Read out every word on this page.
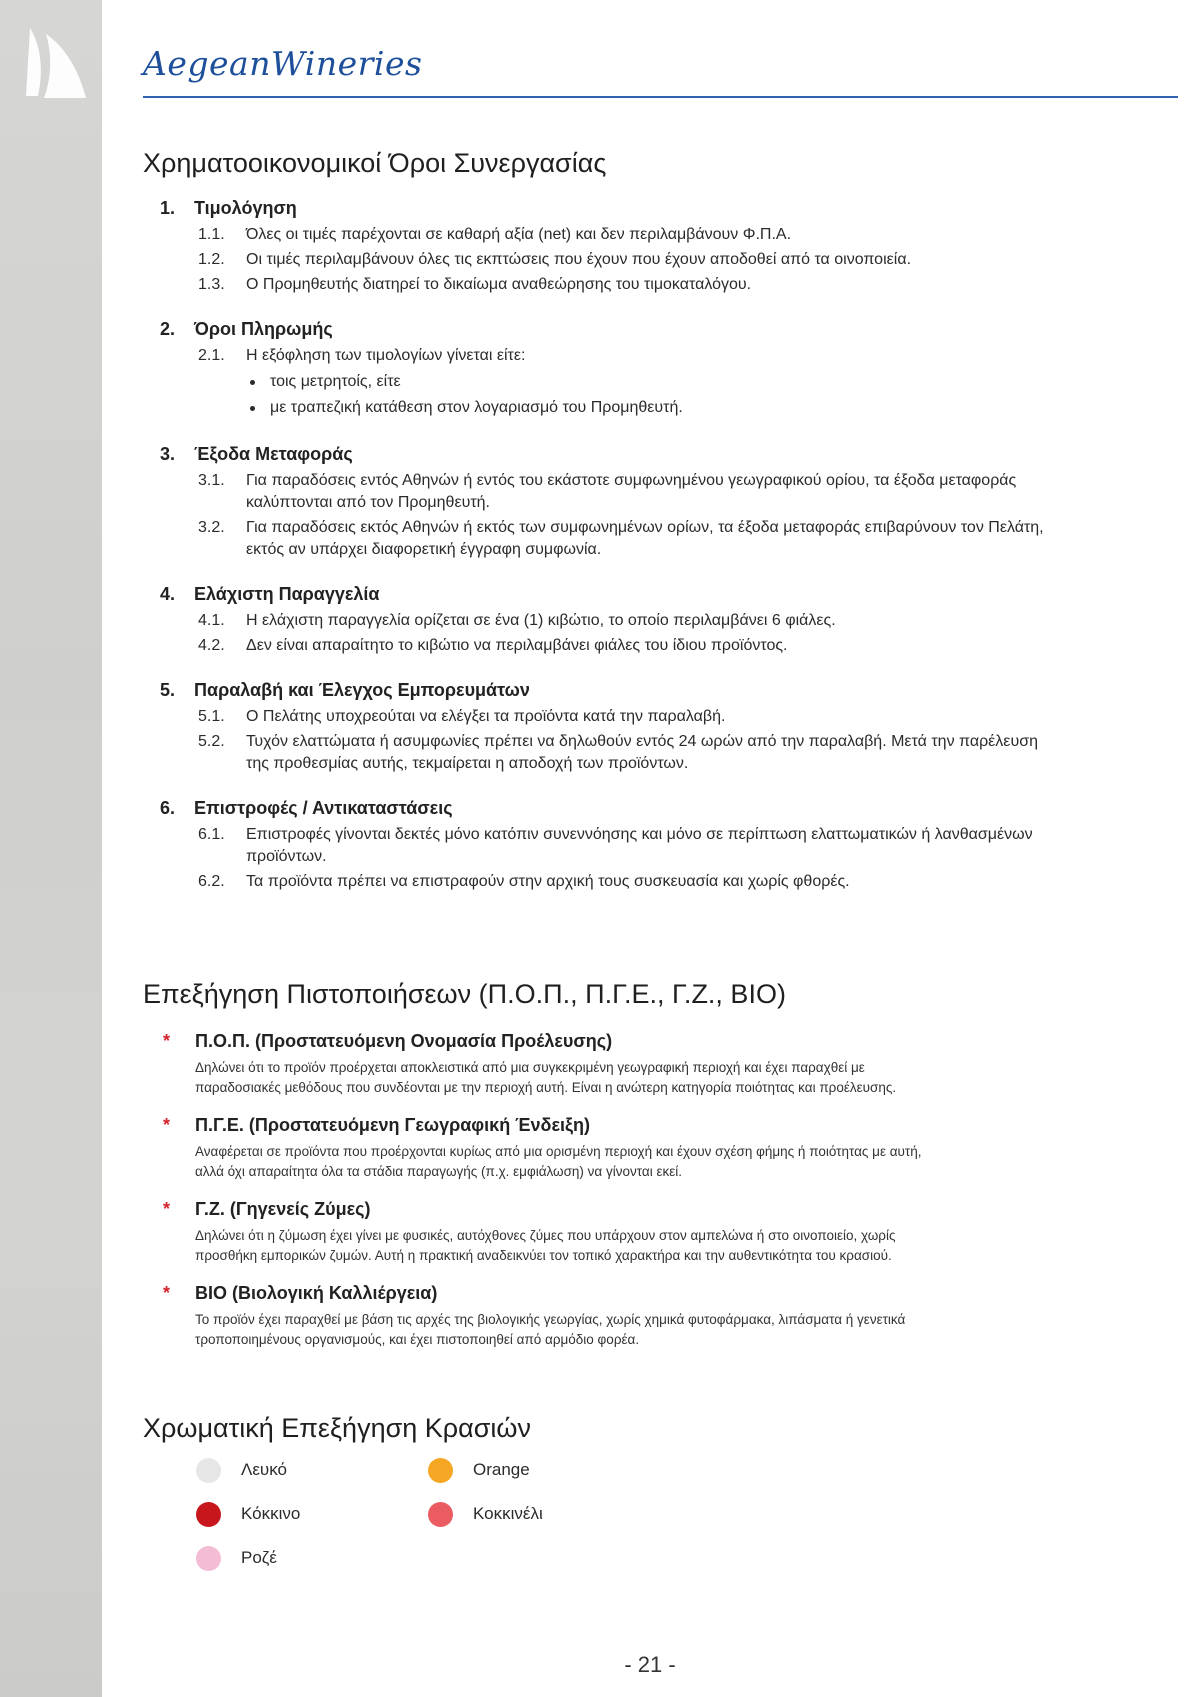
AegeanWineries
Χρηματοοικονομικοί Όροι Συνεργασίας
1.	Τιμολόγηση
1.1.	Όλες οι τιμές παρέχονται σε καθαρή αξία (net) και δεν περιλαμβάνουν Φ.Π.Α.
1.2.	Οι τιμές περιλαμβάνουν όλες τις εκπτώσεις που έχουν που έχουν αποδοθεί από τα οινοποιεία.
1.3.	Ο Προμηθευτής διατηρεί το δικαίωμα αναθεώρησης του τιμοκαταλόγου.
2.	Όροι Πληρωμής
2.1.	Η εξόφληση των τιμολογίων γίνεται είτε:
τοις μετρητοίς, είτε
με τραπεζική κατάθεση στον λογαριασμό του Προμηθευτή.
3.	Έξοδα Μεταφοράς
3.1.	Για παραδόσεις εντός Αθηνών ή εντός του εκάστοτε συμφωνημένου γεωγραφικού ορίου, τα έξοδα μεταφοράς καλύπτονται από τον Προμηθευτή.
3.2.	Για παραδόσεις εκτός Αθηνών ή εκτός των συμφωνημένων ορίων, τα έξοδα μεταφοράς επιβαρύνουν τον Πελάτη, εκτός αν υπάρχει διαφορετική έγγραφη συμφωνία.
4.	Ελάχιστη Παραγγελία
4.1.	Η ελάχιστη παραγγελία ορίζεται σε ένα (1) κιβώτιο, το οποίο περιλαμβάνει 6 φιάλες.
4.2.	Δεν είναι απαραίτητο το κιβώτιο να περιλαμβάνει φιάλες του ίδιου προϊόντος.
5.	Παραλαβή και Έλεγχος Εμπορευμάτων
5.1.	Ο Πελάτης υποχρεούται να ελέγξει τα προϊόντα κατά την παραλαβή.
5.2.	Τυχόν ελαττώματα ή ασυμφωνίες πρέπει να δηλωθούν εντός 24 ωρών από την παραλαβή. Μετά την παρέλευση της προθεσμίας αυτής, τεκμαίρεται η αποδοχή των προϊόντων.
6.	Επιστροφές / Αντικαταστάσεις
6.1.	Επιστροφές γίνονται δεκτές μόνο κατόπιν συνεννόησης και μόνο σε περίπτωση ελαττωματικών ή λανθασμένων προϊόντων.
6.2.	Τα προϊόντα πρέπει να επιστραφούν στην αρχική τους συσκευασία και χωρίς φθορές.
Επεξήγηση Πιστοποιήσεων (Π.Ο.Π., Π.Γ.Ε., Γ.Ζ., ΒΙΟ)
*	Π.Ο.Π. (Προστατευόμενη Ονομασία Προέλευσης)
Δηλώνει ότι το προϊόν προέρχεται αποκλειστικά από μια συγκεκριμένη γεωγραφική περιοχή και έχει παραχθεί με
παραδοσιακές μεθόδους που συνδέονται με την περιοχή αυτή. Είναι η ανώτερη κατηγορία ποιότητας και προέλευσης.
*	Π.Γ.Ε. (Προστατευόμενη Γεωγραφική Ένδειξη)
Αναφέρεται σε προϊόντα που προέρχονται κυρίως από μια ορισμένη περιοχή και έχουν σχέση φήμης ή ποιότητας με αυτή,
αλλά όχι απαραίτητα όλα τα στάδια παραγωγής (π.χ. εμφιάλωση) να γίνονται εκεί.
*	Γ.Ζ. (Γηγενείς Ζύμες)
Δηλώνει ότι η ζύμωση έχει γίνει με φυσικές, αυτόχθονες ζύμες που υπάρχουν στον αμπελώνα ή στο οινοποιείο, χωρίς
προσθήκη εμπορικών ζυμών. Αυτή η πρακτική αναδεικνύει τον τοπικό χαρακτήρα και την αυθεντικότητα του κρασιού.
*	ΒΙΟ (Βιολογική Καλλιέργεια)
Το προϊόν έχει παραχθεί με βάση τις αρχές της βιολογικής γεωργίας, χωρίς χημικά φυτοφάρμακα, λιπάσματα ή γενετικά
τροποποιημένους οργανισμούς, και έχει πιστοποιηθεί από αρμόδιο φορέα.
Χρωματική Επεξήγηση Κρασιών
Λευκό	Orange
Κόκκινο	Κοκκινέλι
Ροζέ
- 21 -
